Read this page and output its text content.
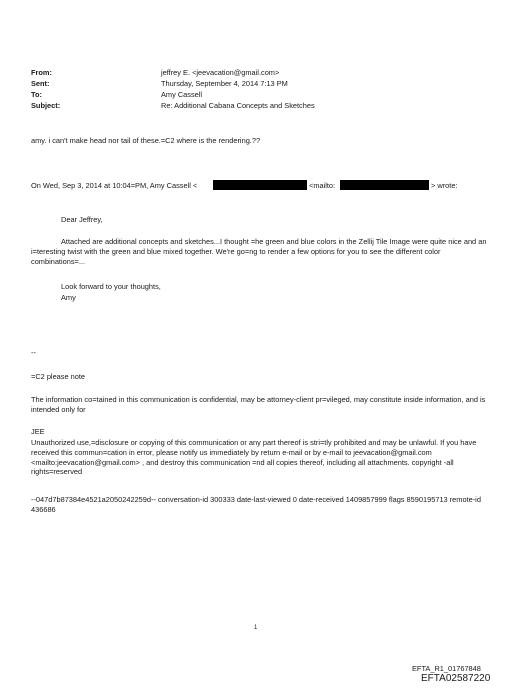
From:	jeffrey E. <jeevacation@gmail.com>
Sent:	Thursday, September 4, 2014 7:13 PM
To:	Amy Cassell
Subject:	Re: Additional Cabana Concepts and Sketches
amy. i can't make head nor tail of these.=C2 where is the rendering.??
On Wed, Sep 3, 2014 at 10:04=PM, Amy Cassell <	<mailto:	> wrote:
Dear Jeffrey,
Attached are additional concepts and sketches...I thought =he green and blue colors in the Zellij Tile Image were quite nice and an i=teresting twist with the green and blue mixed together. We're go=ng to render a few options for you to see the different color combinations=...
Look forward to your thoughts,
Amy
--
=C2 please note
The information co=tained in this communication is confidential, may be attorney-client pr=vileged, may constitute inside information, and is intended only for
JEE
Unauthorized use,=disclosure or copying of this communication or any part thereof is stri=tly prohibited and may be unlawful. If you have received this commun=cation in error, please notify us immediately by return e-mail or by e-mail to jeevacation@gmail.com <mailto:jeevacation@gmail.com> , and destroy this communication =nd all copies thereof, including all attachments. copyright -all rights=reserved
--047d7b87384e4521a2050242259d-- conversation-id 300333 date-last-viewed 0 date-received 1409857999 flags 8590195713 remote-id 436686
1
EFTA_R1_01767848
EFTA02587220
